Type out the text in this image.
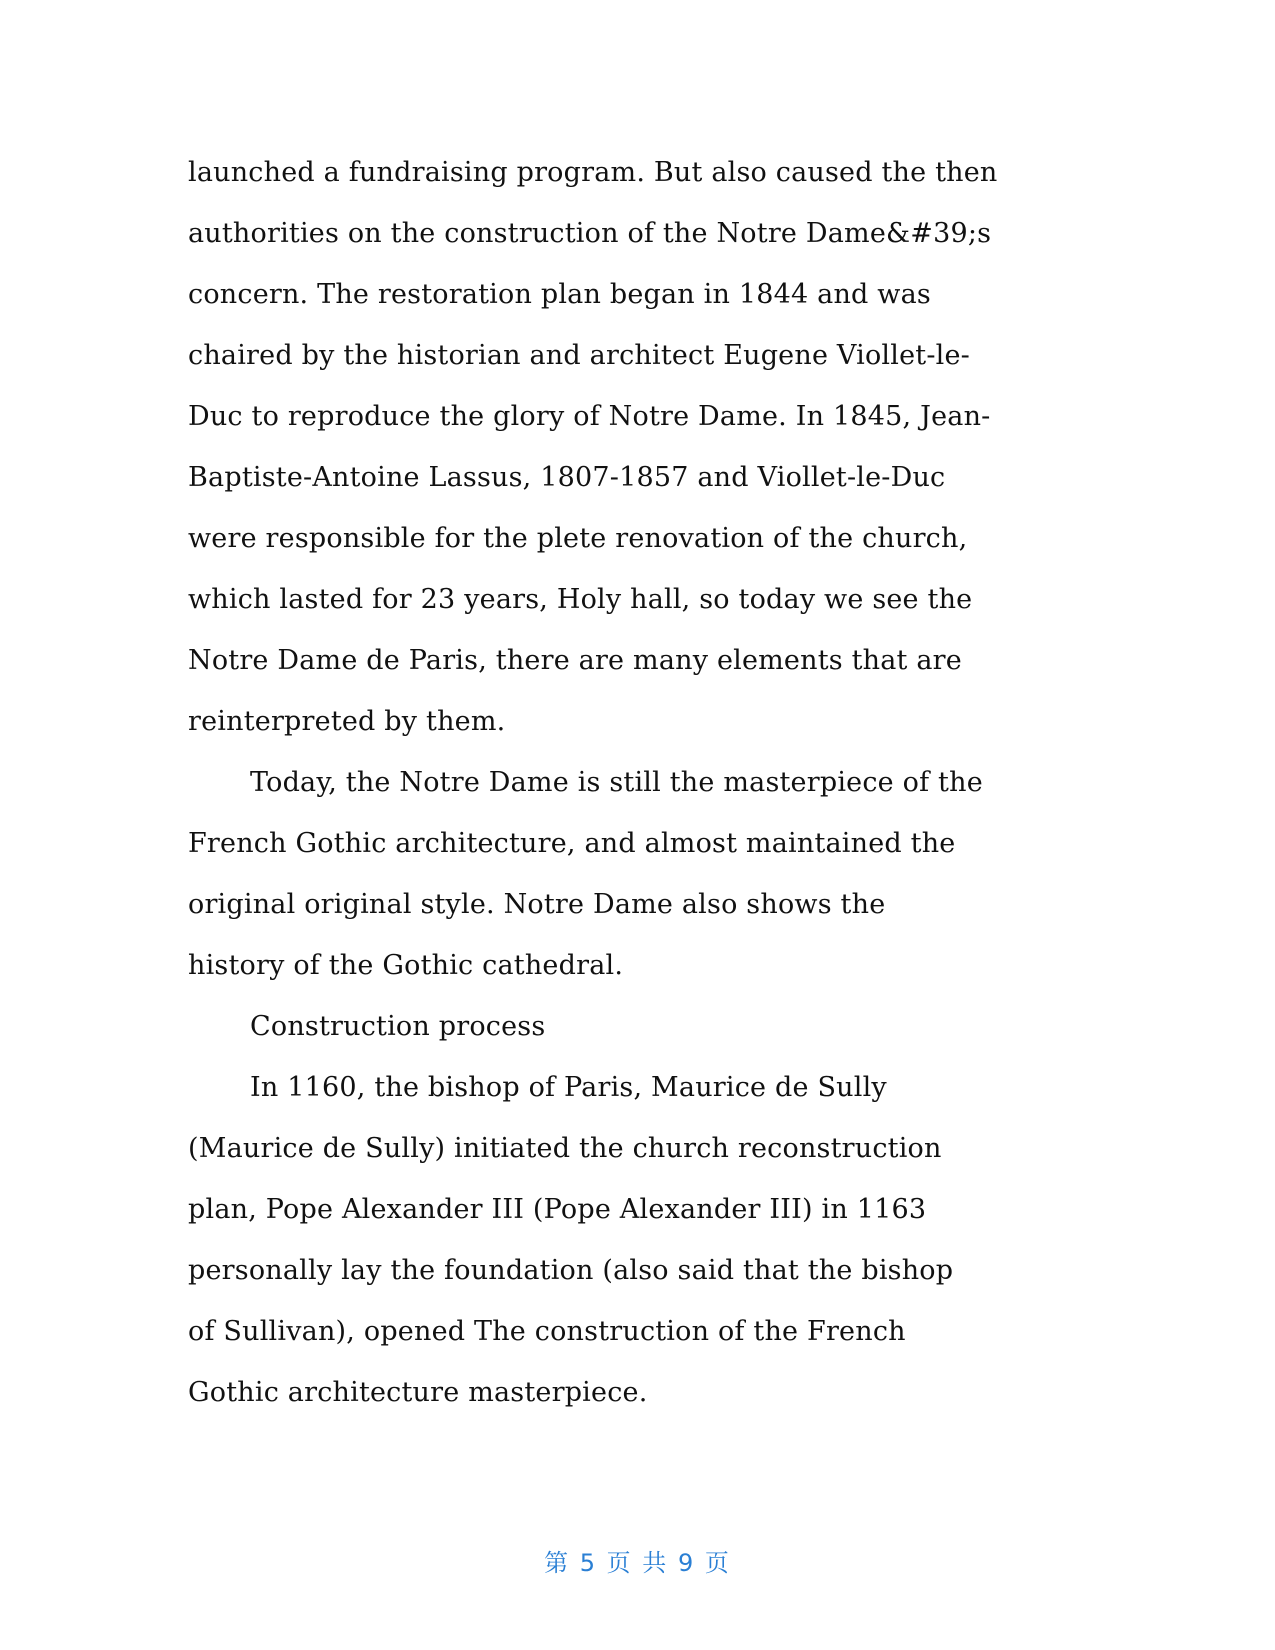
launched a fundraising program. But also caused the then
authorities on the construction of the Notre Dame&#39;s
concern. The restoration plan began in 1844 and was
chaired by the historian and architect Eugene Viollet-le-
Duc to reproduce the glory of Notre Dame. In 1845, Jean-
Baptiste-Antoine Lassus, 1807-1857 and Viollet-le-Duc
were responsible for the plete renovation of the church,
which lasted for 23 years, Holy hall, so today we see the
Notre Dame de Paris, there are many elements that are
reinterpreted by them.
Today, the Notre Dame is still the masterpiece of the
French Gothic architecture, and almost maintained the
original original style. Notre Dame also shows the
history of the Gothic cathedral.
Construction process
In 1160, the bishop of Paris, Maurice de Sully
(Maurice de Sully) initiated the church reconstruction
plan, Pope Alexander III (Pope Alexander III) in 1163
personally lay the foundation (also said that the bishop
of Sullivan), opened The construction of the French
Gothic architecture masterpiece.
第 5 页 共 9 页
